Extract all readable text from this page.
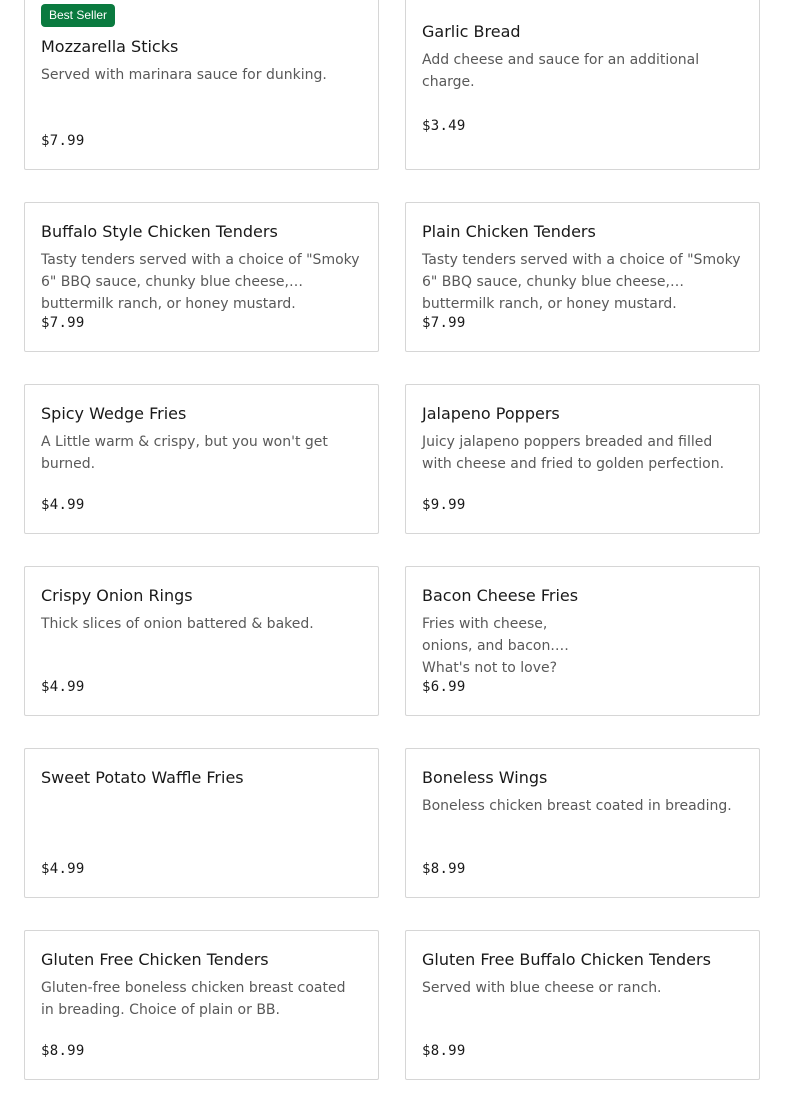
Best Seller
Mozzarella Sticks
Served with marinara sauce for dunking.
$7.99
Garlic Bread
Add cheese and sauce for an additional charge.
$3.49
Buffalo Style Chicken Tenders
Tasty tenders served with a choice of "Smoky 6" BBQ sauce, chunky blue cheese, buttermilk ranch, or honey mustard.
$7.99
Plain Chicken Tenders
Tasty tenders served with a choice of "Smoky 6" BBQ sauce, chunky blue cheese, buttermilk ranch, or honey mustard.
$7.99
Spicy Wedge Fries
A Little warm & crispy, but you won't get burned.
$4.99
Jalapeno Poppers
Juicy jalapeno poppers breaded and filled with cheese and fried to golden perfection.
$9.99
Crispy Onion Rings
Thick slices of onion battered & baked.
$4.99
Bacon Cheese Fries
Fries with cheese, onions, and bacon. What's not to love?
$6.99
Sweet Potato Waffle Fries
$4.99
Boneless Wings
Boneless chicken breast coated in breading.
$8.99
Gluten Free Chicken Tenders
Gluten-free boneless chicken breast coated in breading. Choice of plain or BB.
$8.99
Gluten Free Buffalo Chicken Tenders
Served with blue cheese or ranch.
$8.99
